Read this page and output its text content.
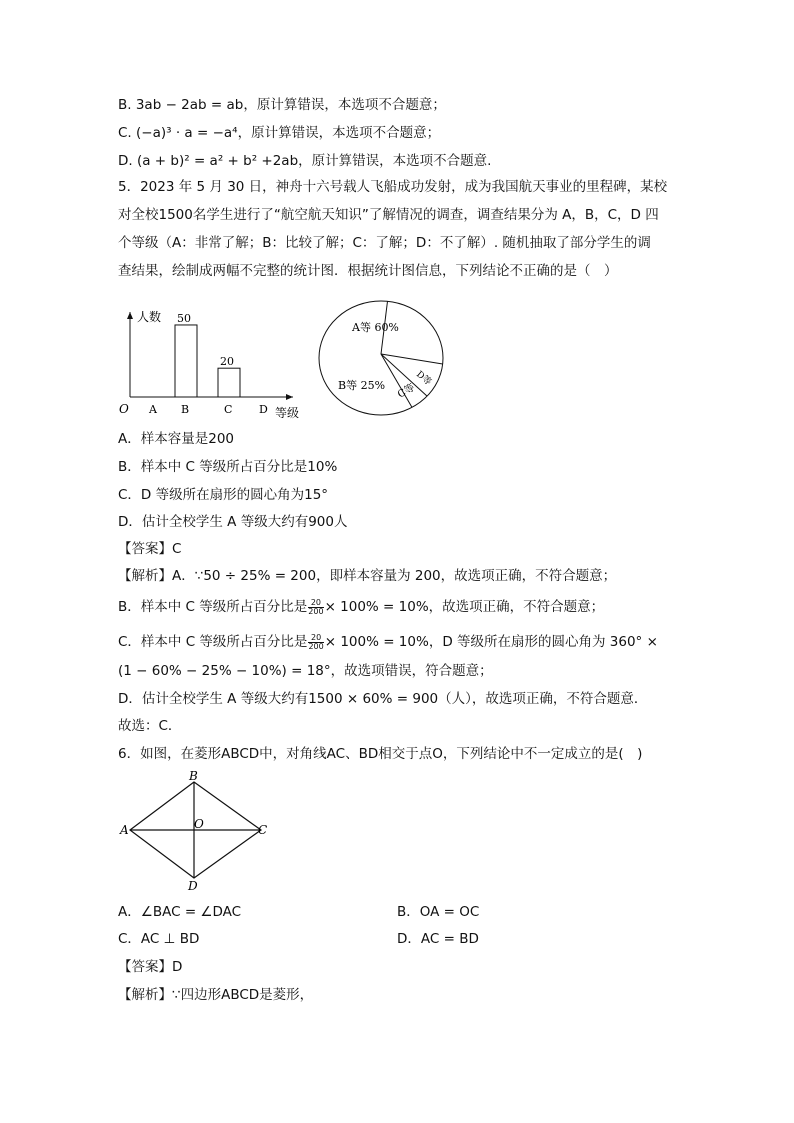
B. 3ab − 2ab = ab，原计算错误，本选项不合题意；
C. (−a)³ · a = −a⁴，原计算错误，本选项不合题意；
D. (a + b)² = a² + b² +2ab，原计算错误，本选项不合题意.
5．2023 年 5 月 30 日，神舟十六号载人飞船成功发射，成为我国航天事业的里程碑，某校
对全校1500名学生进行了“航空航天知识”了解情况的调查，调查结果分为 A，B，C，D 四
个等级（A：非常了解；B：比较了解；C：了解；D：不了解）. 随机抽取了部分学生的调
查结果，绘制成两幅不完整的统计图．根据统计图信息，下列结论不正确的是（　）
人数
等级
O A B
50
C
20
D
A等 60%
B等 25% C等
D等
A．样本容量是200
B．样本中 C 等级所占百分比是10%
C．D 等级所在扇形的圆心角为15°
D．估计全校学生 A 等级大约有900人
【答案】C
【解析】A．∵50 ÷ 25% = 200，即样本容量为 200，故选项正确，不符合题意；
B．样本中 C 等级所占百分比是 $\frac{20}{200} \times 100\% = 10\%$，故选项正确，不符合题意；
C．样本中 C 等级所占百分比是 $\frac{20}{200} \times 100\% = 10\%$，D 等级所在扇形的圆心角为 360° ×
(1 − 60% − 25% − 10%) = 18°，故选项错误，符合题意；
D．估计全校学生 A 等级大约有1500 × 60% = 900（人），故选项正确，不符合题意．
故选：C．
6．如图，在菱形ABCD中，对角线AC、BD相交于点O，下列结论中不一定成立的是(　)
B
A	C
D
O
A．∠BAC = ∠DAC	B．OA = OC
C．AC ⊥ BD	D．AC = BD
【答案】D
【解析】∵四边形ABCD是菱形，
